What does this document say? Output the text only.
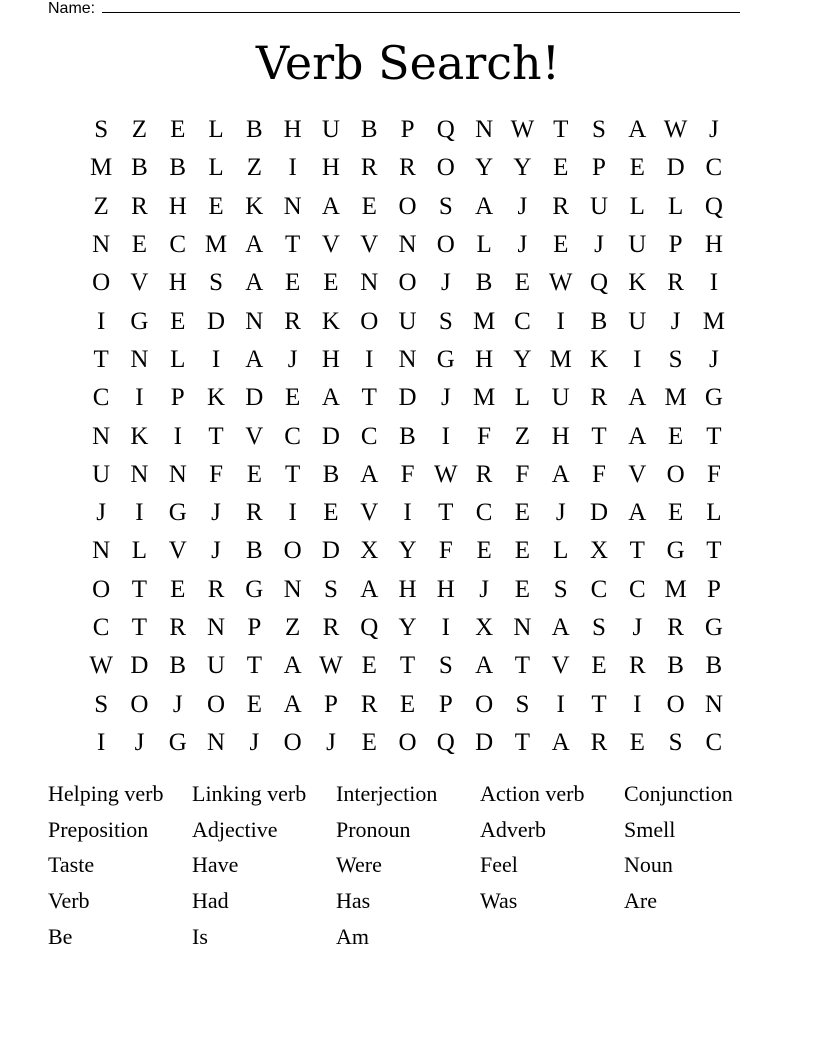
Name:
Verb Search!
S Z E L B H U B P Q N W T S A W J
M B B L Z	I	H R R O Y Y E P E D C
Z R H E K N A E O S A J	R U L L Q
N E C M A T V V N O L	J	E	J U P H
O V H S A E E N O J	B E W Q K R	I
I	G E D N R K O U S M C	I	B U J M
T N L	I	A J H	I	N G H Y M K	I	S	J
C	I	P K D E A T D J M L U R A M G
N K	I	T V C D C B	I	F Z H T A E T
U N N F E T B A F W R F A F V O F
J	I	G J	R	I	E V	I	T C E	J D A E L
N L V J	B O D X Y F E E L X T G T
O T E R G N S A H H J	E S C C M P
C T R N P Z R Q Y	I	X N A S	J	R G
W D B U T A W E T S A T V E R B B
S O J O E A P R E P O S	I	T	I	O N
I	J G N J O J	E O Q D T A R E S C
Helping verb	Linking verb	Interjection	Action verb	Conjunction
Preposition	Adjective	Pronoun	Adverb	Smell
Taste	Have	Were	Feel	Noun
Verb	Had	Has	Was	Are
Be	Is	Am
